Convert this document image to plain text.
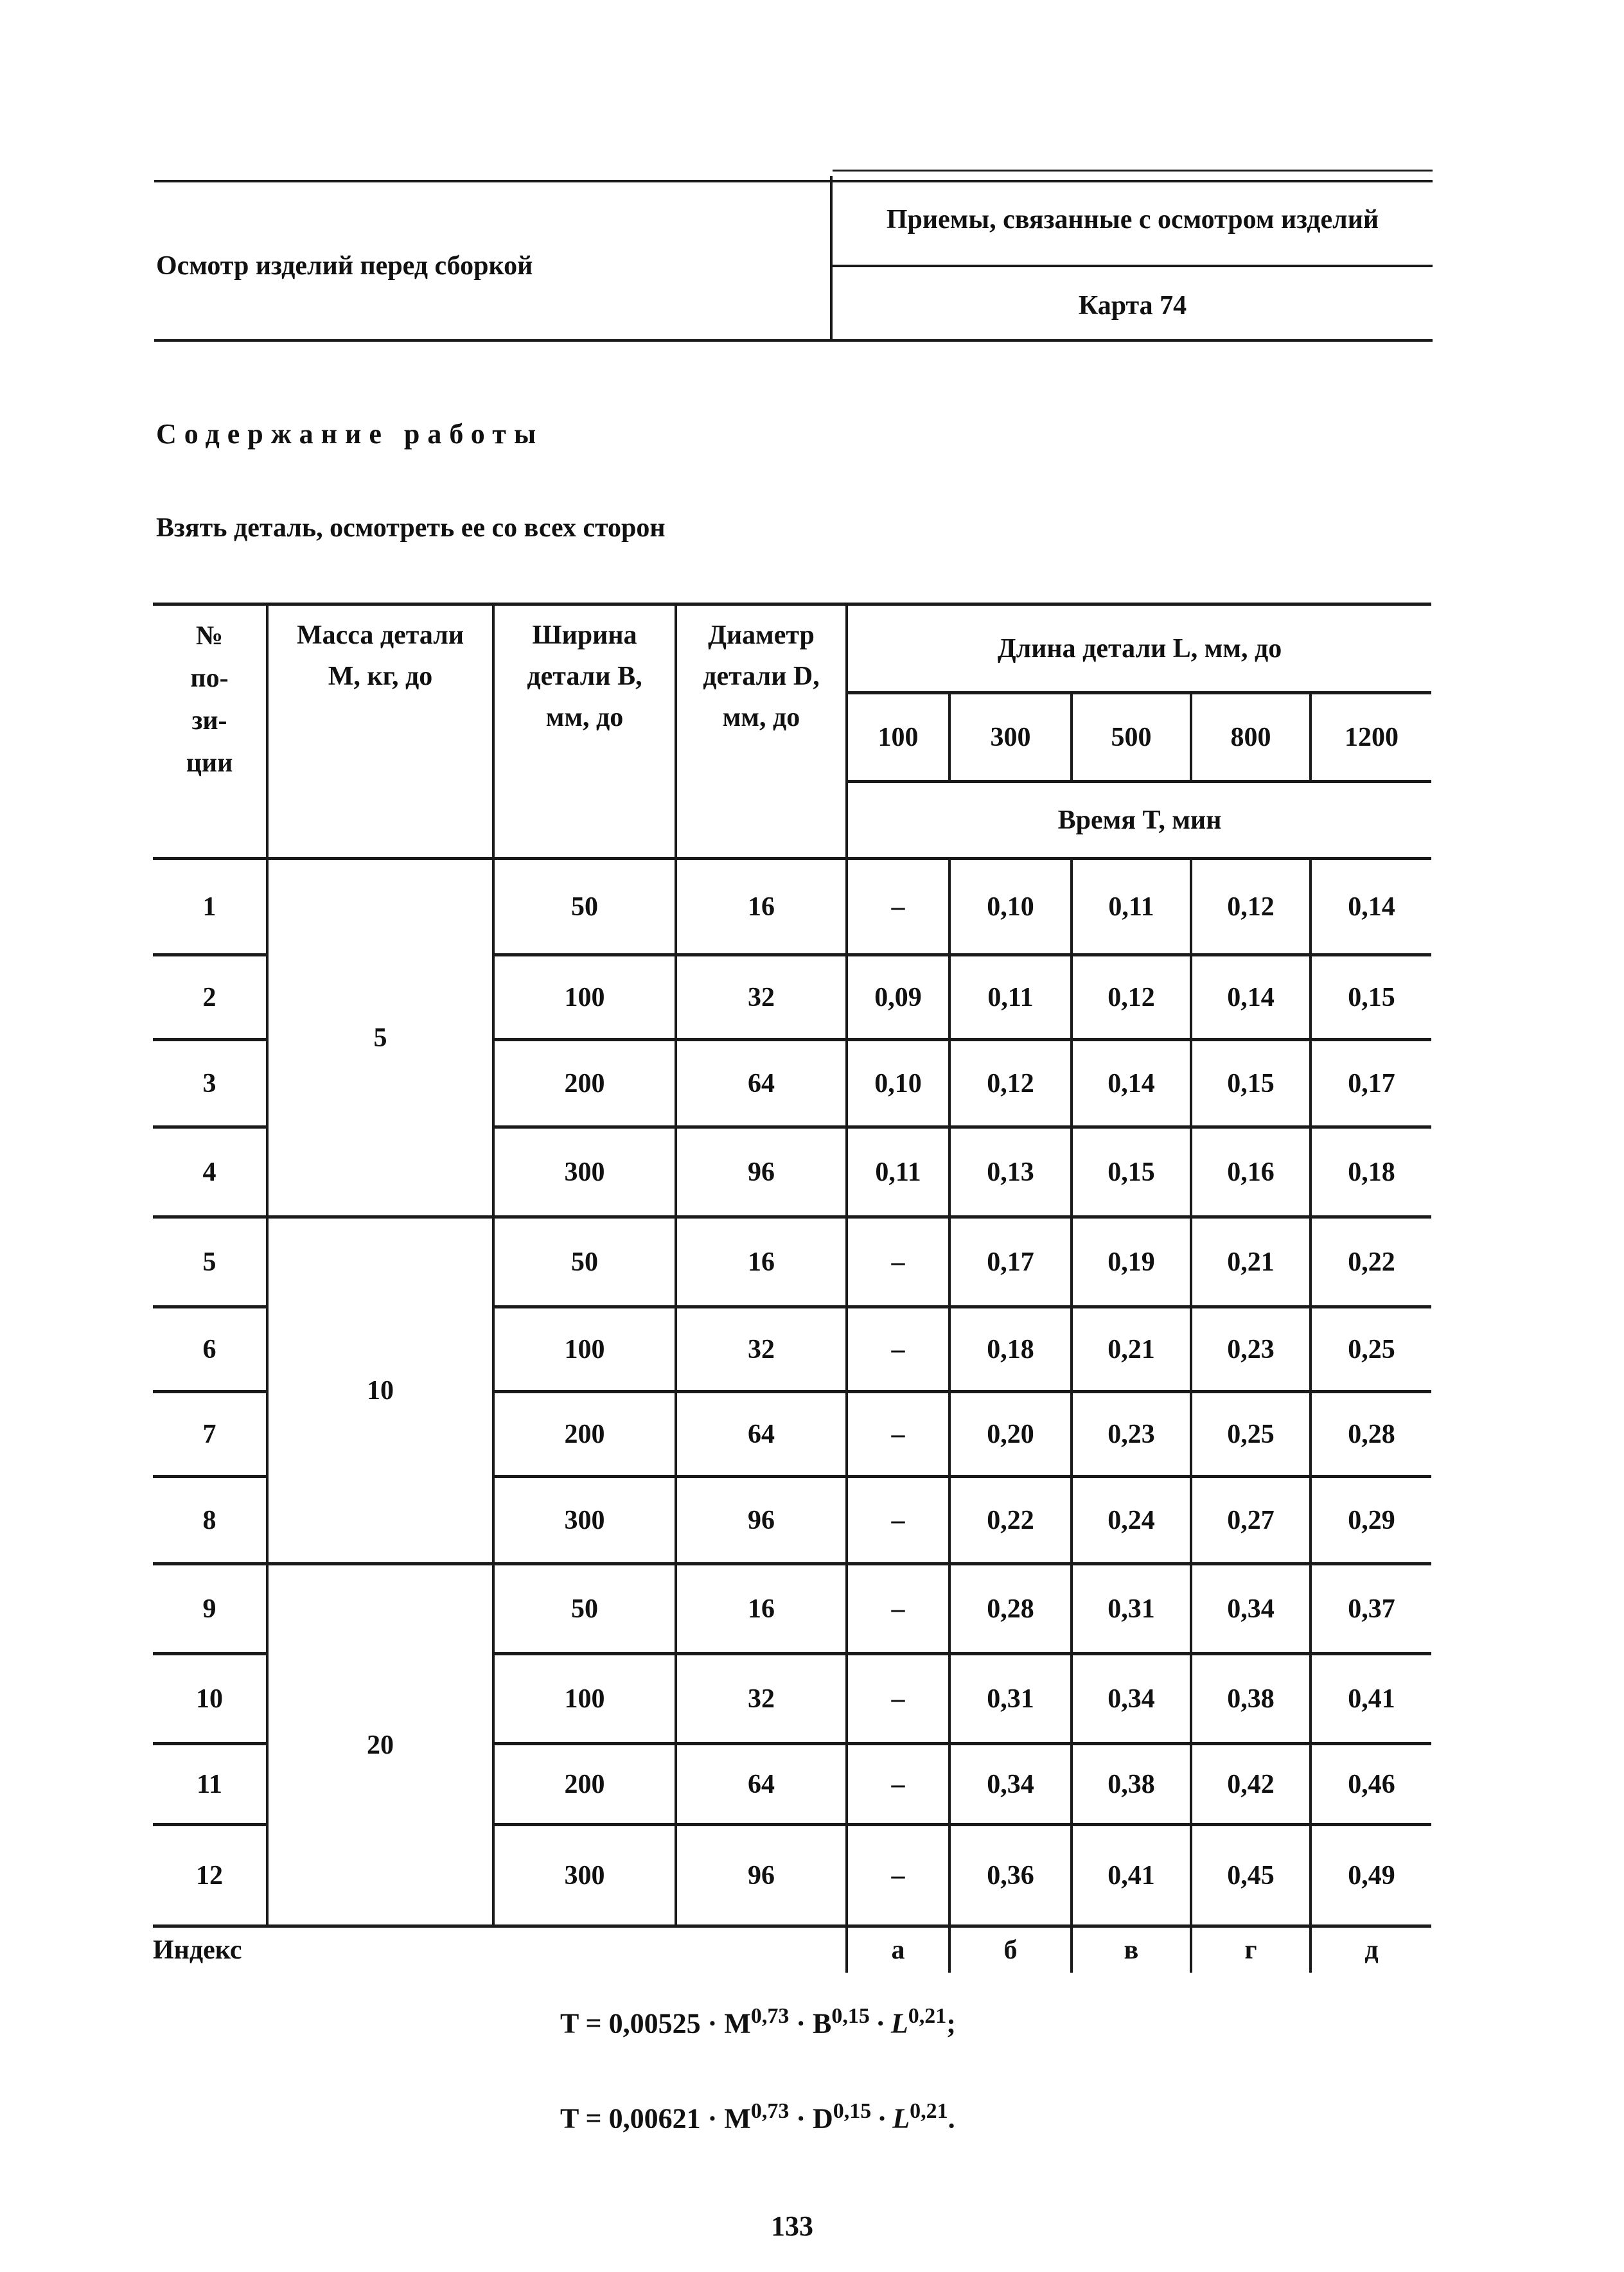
Осмотр изделий перед сборкой
Приемы, связанные с осмотром изделий
Карта 74
Содержание работы
Взять деталь, осмотреть ее со всех сторон
№ по- зи- ции	Масса детали M, кг, до	Ширина детали B, мм, до	Диаметр детали D, мм, до	Длина детали L, мм, до				
				100	300	500	800	1200
				Время T, мин				
1	5	50	16	–	0,10	0,11	0,12	0,14
2		100	32	0,09	0,11	0,12	0,14	0,15
3		200	64	0,10	0,12	0,14	0,15	0,17
4		300	96	0,11	0,13	0,15	0,16	0,18
5	10	50	16	–	0,17	0,19	0,21	0,22
6		100	32	–	0,18	0,21	0,23	0,25
7		200	64	–	0,20	0,23	0,25	0,28
8		300	96	–	0,22	0,24	0,27	0,29
9	20	50	16	–	0,28	0,31	0,34	0,37
10		100	32	–	0,31	0,34	0,38	0,41
11		200	64	–	0,34	0,38	0,42	0,46
12		300	96	–	0,36	0,41	0,45	0,49
Индекс				а	б	в	г	д
T = 0,00525 · M$^{0,73}$ · B$^{0,15}$ · L$^{0,21}$;
T = 0,00621 · M$^{0,73}$ · D$^{0,15}$ · L$^{0,21}$.
133
